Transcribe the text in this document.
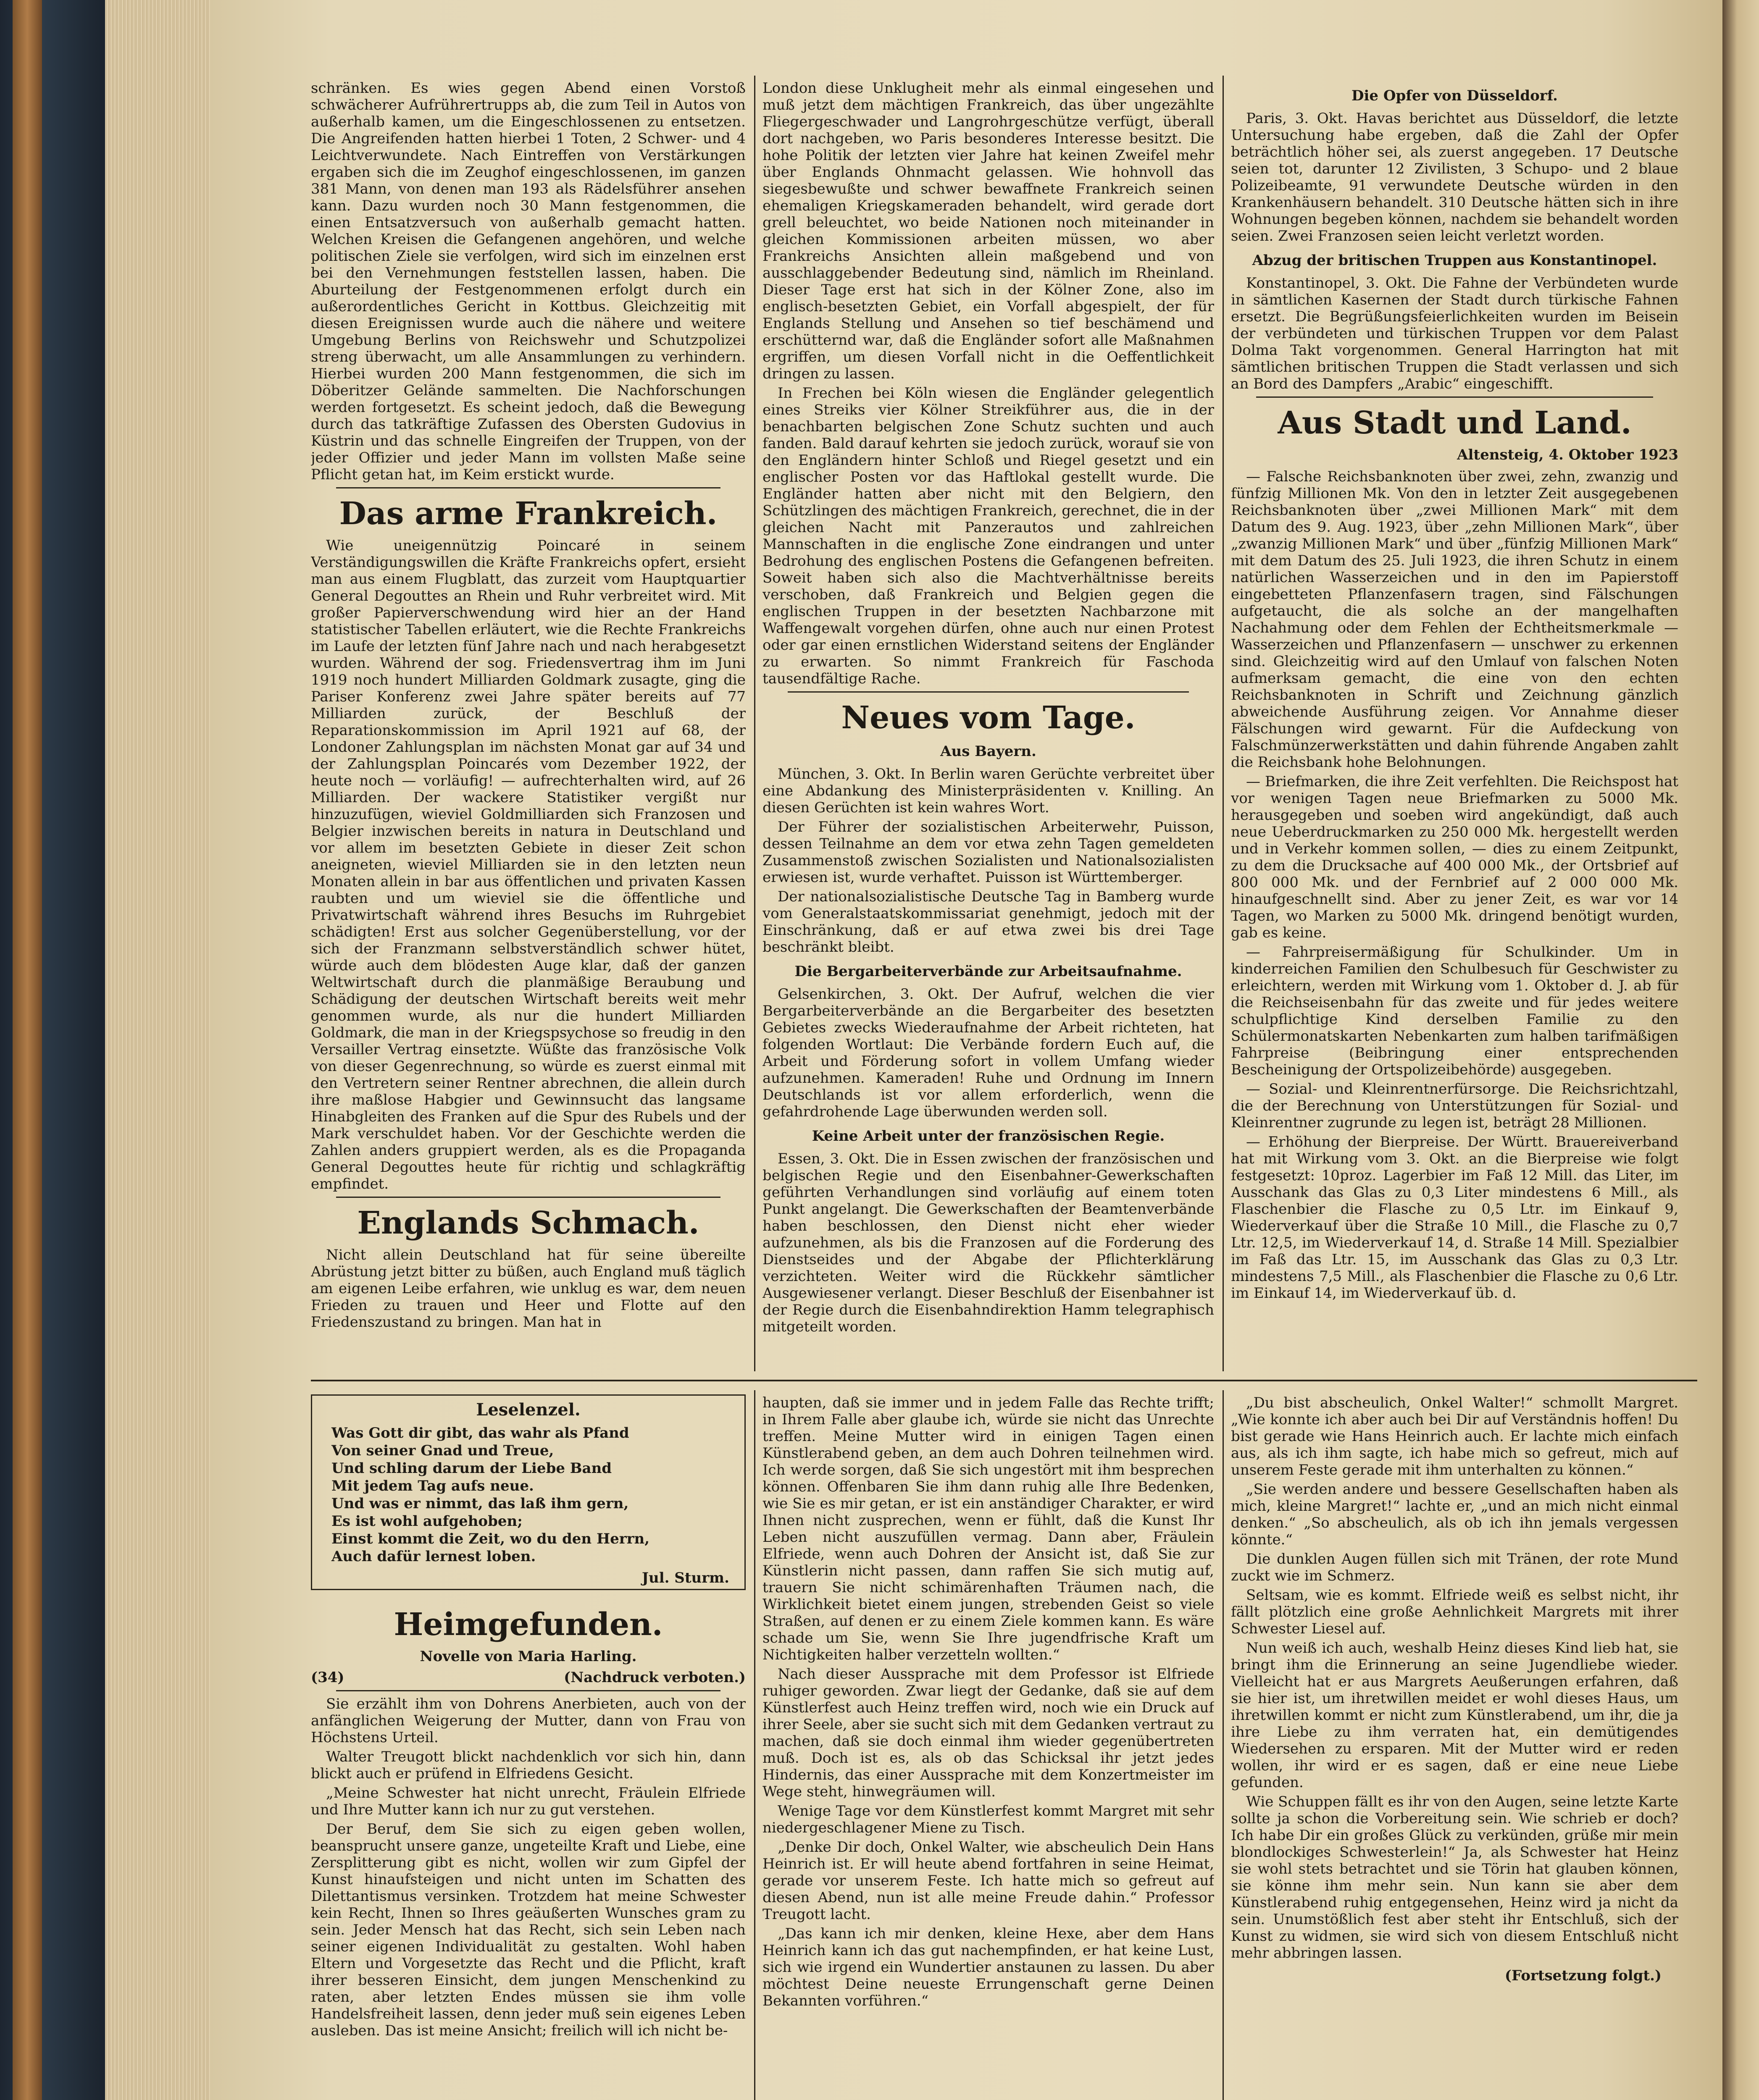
schränken. Es wies gegen Abend einen Vorstoß schwächerer Aufrührertrupps ab, die zum Teil in Autos von außerhalb kamen, um die Eingeschlossenen zu entsetzen. Die Angreifenden hatten hierbei 1 Toten, 2 Schwer- und 4 Leichtverwundete. Nach Eintreffen von Verstärkungen ergaben sich die im Zeughof eingeschlossenen, im ganzen 381 Mann, von denen man 193 als Rädelsführer ansehen kann. Dazu wurden noch 30 Mann festgenommen, die einen Entsatzversuch von außerhalb gemacht hatten. Welchen Kreisen die Gefangenen angehören, und welche politischen Ziele sie verfolgen, wird sich im einzelnen erst bei den Vernehmungen feststellen lassen, haben. Die Aburteilung der Festgenommenen erfolgt durch ein außerordentliches Gericht in Kottbus. Gleichzeitig mit diesen Ereignissen wurde auch die nähere und weitere Umgebung Berlins von Reichswehr und Schutzpolizei streng überwacht, um alle Ansammlungen zu verhindern. Hierbei wurden 200 Mann festgenommen, die sich im Döberitzer Gelände sammelten. Die Nachforschungen werden fortgesetzt. Es scheint jedoch, daß die Bewegung durch das tatkräftige Zufassen des Obersten Gudovius in Küstrin und das schnelle Eingreifen der Truppen, von der jeder Offizier und jeder Mann im vollsten Maße seine Pflicht getan hat, im Keim erstickt wurde.

Das arme Frankreich.

Wie uneigennützig Poincaré in seinem Verständigungswillen die Kräfte Frankreichs opfert, ersieht man aus einem Flugblatt, das zurzeit vom Hauptquartier General Degouttes an Rhein und Ruhr verbreitet wird. Mit großer Papierverschwendung wird hier an der Hand statistischer Tabellen erläutert, wie die Rechte Frankreichs im Laufe der letzten fünf Jahre nach und nach herabgesetzt wurden. Während der sog. Friedensvertrag ihm im Juni 1919 noch hundert Milliarden Goldmark zusagte, ging die Pariser Konferenz zwei Jahre später bereits auf 77 Milliarden zurück, der Beschluß der Reparationskommission im April 1921 auf 68, der Londoner Zahlungsplan im nächsten Monat gar auf 34 und der Zahlungsplan Poincarés vom Dezember 1922, der heute noch — vorläufig! — aufrechterhalten wird, auf 26 Milliarden. Der wackere Statistiker vergißt nur hinzuzufügen, wieviel Goldmilliarden sich Franzosen und Belgier inzwischen bereits in natura in Deutschland und vor allem im besetzten Gebiete in dieser Zeit schon aneigneten, wieviel Milliarden sie in den letzten neun Monaten allein in bar aus öffentlichen und privaten Kassen raubten und um wieviel sie die öffentliche und Privatwirtschaft während ihres Besuchs im Ruhrgebiet schädigten! Erst aus solcher Gegenüberstellung, vor der sich der Franzmann selbstverständlich schwer hütet, würde auch dem blödesten Auge klar, daß der ganzen Weltwirtschaft durch die planmäßige Beraubung und Schädigung der deutschen Wirtschaft bereits weit mehr genommen wurde, als nur die hundert Milliarden Goldmark, die man in der Kriegspsychose so freudig in den Versailler Vertrag einsetzte. Wüßte das französische Volk von dieser Gegenrechnung, so würde es zuerst einmal mit den Vertretern seiner Rentner abrechnen, die allein durch ihre maßlose Habgier und Gewinnsucht das langsame Hinabgleiten des Franken auf die Spur des Rubels und der Mark verschuldet haben. Vor der Geschichte werden die Zahlen anders gruppiert werden, als es die Propaganda General Degouttes heute für richtig und schlagkräftig empfindet.

Englands Schmach.

Nicht allein Deutschland hat für seine übereilte Abrüstung jetzt bitter zu büßen, auch England muß täglich am eigenen Leibe erfahren, wie unklug es war, dem neuen Frieden zu trauen und Heer und Flotte auf den Friedenszustand zu bringen. Man hat in

London diese Unklugheit mehr als einmal eingesehen und muß jetzt dem mächtigen Frankreich, das über ungezählte Fliegergeschwader und Langrohrgeschütze verfügt, überall dort nachgeben, wo Paris besonderes Interesse besitzt. Die hohe Politik der letzten vier Jahre hat keinen Zweifel mehr über Englands Ohnmacht gelassen. Wie hohnvoll das siegesbewußte und schwer bewaffnete Frankreich seinen ehemaligen Kriegskameraden behandelt, wird gerade dort grell beleuchtet, wo beide Nationen noch miteinander in gleichen Kommissionen arbeiten müssen, wo aber Frankreichs Ansichten allein maßgebend und von ausschlaggebender Bedeutung sind, nämlich im Rheinland. Dieser Tage erst hat sich in der Kölner Zone, also im englisch-besetzten Gebiet, ein Vorfall abgespielt, der für Englands Stellung und Ansehen so tief beschämend und erschütternd war, daß die Engländer sofort alle Maßnahmen ergriffen, um diesen Vorfall nicht in die Oeffentlichkeit dringen zu lassen.

In Frechen bei Köln wiesen die Engländer gelegentlich eines Streiks vier Kölner Streikführer aus, die in der benachbarten belgischen Zone Schutz suchten und auch fanden. Bald darauf kehrten sie jedoch zurück, worauf sie von den Engländern hinter Schloß und Riegel gesetzt und ein englischer Posten vor das Haftlokal gestellt wurde. Die Engländer hatten aber nicht mit den Belgiern, den Schützlingen des mächtigen Frankreich, gerechnet, die in der gleichen Nacht mit Panzerautos und zahlreichen Mannschaften in die englische Zone eindrangen und unter Bedrohung des englischen Postens die Gefangenen befreiten. Soweit haben sich also die Machtverhältnisse bereits verschoben, daß Frankreich und Belgien gegen die englischen Truppen in der besetzten Nachbarzone mit Waffengewalt vorgehen dürfen, ohne auch nur einen Protest oder gar einen ernstlichen Widerstand seitens der Engländer zu erwarten. So nimmt Frankreich für Faschoda tausendfältige Rache.

Neues vom Tage.
Aus Bayern.

München, 3. Okt. In Berlin waren Gerüchte verbreitet über eine Abdankung des Ministerpräsidenten v. Knilling. An diesen Gerüchten ist kein wahres Wort.

Der Führer der sozialistischen Arbeiterwehr, Puisson, dessen Teilnahme an dem vor etwa zehn Tagen gemeldeten Zusammenstoß zwischen Sozialisten und Nationalsozialisten erwiesen ist, wurde verhaftet. Puisson ist Württemberger.

Der nationalsozialistische Deutsche Tag in Bamberg wurde vom Generalstaatskommissariat genehmigt, jedoch mit der Einschränkung, daß er auf etwa zwei bis drei Tage beschränkt bleibt.

Die Bergarbeiterverbände zur Arbeitsaufnahme.

Gelsenkirchen, 3. Okt. Der Aufruf, welchen die vier Bergarbeiterverbände an die Bergarbeiter des besetzten Gebietes zwecks Wiederaufnahme der Arbeit richteten, hat folgenden Wortlaut: Die Verbände fordern Euch auf, die Arbeit und Förderung sofort in vollem Umfang wieder aufzunehmen. Kameraden! Ruhe und Ordnung im Innern Deutschlands ist vor allem erforderlich, wenn die gefahrdrohende Lage überwunden werden soll.

Keine Arbeit unter der französischen Regie.

Essen, 3. Okt. Die in Essen zwischen der französischen und belgischen Regie und den Eisenbahner-Gewerkschaften geführten Verhandlungen sind vorläufig auf einem toten Punkt angelangt. Die Gewerkschaften der Beamtenverbände haben beschlossen, den Dienst nicht eher wieder aufzunehmen, als bis die Franzosen auf die Forderung des Dienstseides und der Abgabe der Pflichterklärung verzichteten. Weiter wird die Rückkehr sämtlicher Ausgewiesener verlangt. Dieser Beschluß der Eisenbahner ist der Regie durch die Eisenbahndirektion Hamm telegraphisch mitgeteilt worden.

Die Opfer von Düsseldorf.

Paris, 3. Okt. Havas berichtet aus Düsseldorf, die letzte Untersuchung habe ergeben, daß die Zahl der Opfer beträchtlich höher sei, als zuerst angegeben. 17 Deutsche seien tot, darunter 12 Zivilisten, 3 Schupo- und 2 blaue Polizeibeamte, 91 verwundete Deutsche würden in den Krankenhäusern behandelt. 310 Deutsche hätten sich in ihre Wohnungen begeben können, nachdem sie behandelt worden seien. Zwei Franzosen seien leicht verletzt worden.

Abzug der britischen Truppen aus Konstantinopel.

Konstantinopel, 3. Okt. Die Fahne der Verbündeten wurde in sämtlichen Kasernen der Stadt durch türkische Fahnen ersetzt. Die Begrüßungsfeierlichkeiten wurden im Beisein der verbündeten und türkischen Truppen vor dem Palast Dolma Takt vorgenommen. General Harrington hat mit sämtlichen britischen Truppen die Stadt verlassen und sich an Bord des Dampfers „Arabic“ eingeschifft.

Aus Stadt und Land.
Altensteig, 4. Oktober 1923

— Falsche Reichsbanknoten über zwei, zehn, zwanzig und fünfzig Millionen Mk. Von den in letzter Zeit ausgegebenen Reichsbanknoten über „zwei Millionen Mark“ mit dem Datum des 9. Aug. 1923, über „zehn Millionen Mark“, über „zwanzig Millionen Mark“ und über „fünfzig Millionen Mark“ mit dem Datum des 25. Juli 1923, die ihren Schutz in einem natürlichen Wasserzeichen und in den im Papierstoff eingebetteten Pflanzenfasern tragen, sind Fälschungen aufgetaucht, die als solche an der mangelhaften Nachahmung oder dem Fehlen der Echtheitsmerkmale — Wasserzeichen und Pflanzenfasern — unschwer zu erkennen sind. Gleichzeitig wird auf den Umlauf von falschen Noten aufmerksam gemacht, die eine von den echten Reichsbanknoten in Schrift und Zeichnung gänzlich abweichende Ausführung zeigen. Vor Annahme dieser Fälschungen wird gewarnt. Für die Aufdeckung von Falschmünzerwerkstätten und dahin führende Angaben zahlt die Reichsbank hohe Belohnungen.

— Briefmarken, die ihre Zeit verfehlten. Die Reichspost hat vor wenigen Tagen neue Briefmarken zu 5000 Mk. herausgegeben und soeben wird angekündigt, daß auch neue Ueberdruckmarken zu 250 000 Mk. hergestellt werden und in Verkehr kommen sollen, — dies zu einem Zeitpunkt, zu dem die Drucksache auf 400 000 Mk., der Ortsbrief auf 800 000 Mk. und der Fernbrief auf 2 000 000 Mk. hinaufgeschnellt sind. Aber zu jener Zeit, es war vor 14 Tagen, wo Marken zu 5000 Mk. dringend benötigt wurden, gab es keine.

— Fahrpreisermäßigung für Schulkinder. Um in kinderreichen Familien den Schulbesuch für Geschwister zu erleichtern, werden mit Wirkung vom 1. Oktober d. J. ab für die Reichseisenbahn für das zweite und für jedes weitere schulpflichtige Kind derselben Familie zu den Schülermonatskarten Nebenkarten zum halben tarifmäßigen Fahrpreise (Beibringung einer entsprechenden Bescheinigung der Ortspolizeibehörde) ausgegeben.

— Sozial- und Kleinrentnerfürsorge. Die Reichsrichtzahl, die der Berechnung von Unterstützungen für Sozial- und Kleinrentner zugrunde zu legen ist, beträgt 28 Millionen.

— Erhöhung der Bierpreise. Der Württ. Brauereiverband hat mit Wirkung vom 3. Okt. an die Bierpreise wie folgt festgesetzt: 10proz. Lagerbier im Faß 12 Mill. das Liter, im Ausschank das Glas zu 0,3 Liter mindestens 6 Mill., als Flaschenbier die Flasche zu 0,5 Ltr. im Einkauf 9, Wiederverkauf über die Straße 10 Mill., die Flasche zu 0,7 Ltr. 12,5, im Wiederverkauf 14, d. Straße 14 Mill. Spezialbier im Faß das Ltr. 15, im Ausschank das Glas zu 0,3 Ltr. mindestens 7,5 Mill., als Flaschenbier die Flasche zu 0,6 Ltr. im Einkauf 14, im Wiederverkauf üb. d.

Leselenzel.
Was Gott dir gibt, das wahr als Pfand
Von seiner Gnad und Treue,
Und schling darum der Liebe Band
Mit jedem Tag aufs neue.
Und was er nimmt, das laß ihm gern,
Es ist wohl aufgehoben;
Einst kommt die Zeit, wo du den Herrn,
Auch dafür lernest loben.
Jul. Sturm.
Heimgefunden.
Novelle von Maria Harling.
(34)	(Nachdruck verboten.)

Sie erzählt ihm von Dohrens Anerbieten, auch von der anfänglichen Weigerung der Mutter, dann von Frau von Höchstens Urteil.

Walter Treugott blickt nachdenklich vor sich hin, dann blickt auch er prüfend in Elfriedens Gesicht.

„Meine Schwester hat nicht unrecht, Fräulein Elfriede und Ihre Mutter kann ich nur zu gut verstehen.

Der Beruf, dem Sie sich zu eigen geben wollen, beansprucht unsere ganze, ungeteilte Kraft und Liebe, eine Zersplitterung gibt es nicht, wollen wir zum Gipfel der Kunst hinaufsteigen und nicht unten im Schatten des Dilettantismus versinken. Trotzdem hat meine Schwester kein Recht, Ihnen so Ihres geäußerten Wunsches gram zu sein. Jeder Mensch hat das Recht, sich sein Leben nach seiner eigenen Individualität zu gestalten. Wohl haben Eltern und Vorgesetzte das Recht und die Pflicht, kraft ihrer besseren Einsicht, dem jungen Menschenkind zu raten, aber letzten Endes müssen sie ihm volle Handelsfreiheit lassen, denn jeder muß sein eigenes Leben ausleben. Das ist meine Ansicht; freilich will ich nicht be-

haupten, daß sie immer und in jedem Falle das Rechte trifft; in Ihrem Falle aber glaube ich, würde sie nicht das Unrechte treffen. Meine Mutter wird in einigen Tagen einen Künstlerabend geben, an dem auch Dohren teilnehmen wird. Ich werde sorgen, daß Sie sich ungestört mit ihm besprechen können. Offenbaren Sie ihm dann ruhig alle Ihre Bedenken, wie Sie es mir getan, er ist ein anständiger Charakter, er wird Ihnen nicht zusprechen, wenn er fühlt, daß die Kunst Ihr Leben nicht auszufüllen vermag. Dann aber, Fräulein Elfriede, wenn auch Dohren der Ansicht ist, daß Sie zur Künstlerin nicht passen, dann raffen Sie sich mutig auf, trauern Sie nicht schimärenhaften Träumen nach, die Wirklichkeit bietet einem jungen, strebenden Geist so viele Straßen, auf denen er zu einem Ziele kommen kann. Es wäre schade um Sie, wenn Sie Ihre jugendfrische Kraft um Nichtigkeiten halber verzetteln wollten.“

Nach dieser Aussprache mit dem Professor ist Elfriede ruhiger geworden. Zwar liegt der Gedanke, daß sie auf dem Künstlerfest auch Heinz treffen wird, noch wie ein Druck auf ihrer Seele, aber sie sucht sich mit dem Gedanken vertraut zu machen, daß sie doch einmal ihm wieder gegenübertreten muß. Doch ist es, als ob das Schicksal ihr jetzt jedes Hindernis, das einer Aussprache mit dem Konzertmeister im Wege steht, hinwegräumen will.

Wenige Tage vor dem Künstlerfest kommt Margret mit sehr niedergeschlagener Miene zu Tisch.

„Denke Dir doch, Onkel Walter, wie abscheulich Dein Hans Heinrich ist. Er will heute abend fortfahren in seine Heimat, gerade vor unserem Feste. Ich hatte mich so gefreut auf diesen Abend, nun ist alle meine Freude dahin.“ Professor Treugott lacht.

„Das kann ich mir denken, kleine Hexe, aber dem Hans Heinrich kann ich das gut nachempfinden, er hat keine Lust, sich wie irgend ein Wundertier anstaunen zu lassen. Du aber möchtest Deine neueste Errungenschaft gerne Deinen Bekannten vorführen.“

„Du bist abscheulich, Onkel Walter!“ schmollt Margret. „Wie konnte ich aber auch bei Dir auf Verständnis hoffen! Du bist gerade wie Hans Heinrich auch. Er lachte mich einfach aus, als ich ihm sagte, ich habe mich so gefreut, mich auf unserem Feste gerade mit ihm unterhalten zu können.“

„Sie werden andere und bessere Gesellschaften haben als mich, kleine Margret!“ lachte er, „und an mich nicht einmal denken.“ „So abscheulich, als ob ich ihn jemals vergessen könnte.“

Die dunklen Augen füllen sich mit Tränen, der rote Mund zuckt wie im Schmerz.

Seltsam, wie es kommt. Elfriede weiß es selbst nicht, ihr fällt plötzlich eine große Aehnlichkeit Margrets mit ihrer Schwester Liesel auf.

Nun weiß ich auch, weshalb Heinz dieses Kind lieb hat, sie bringt ihm die Erinnerung an seine Jugendliebe wieder. Vielleicht hat er aus Margrets Aeußerungen erfahren, daß sie hier ist, um ihretwillen meidet er wohl dieses Haus, um ihretwillen kommt er nicht zum Künstlerabend, um ihr, die ja ihre Liebe zu ihm verraten hat, ein demütigendes Wiedersehen zu ersparen. Mit der Mutter wird er reden wollen, ihr wird er es sagen, daß er eine neue Liebe gefunden.

Wie Schuppen fällt es ihr von den Augen, seine letzte Karte sollte ja schon die Vorbereitung sein. Wie schrieb er doch? Ich habe Dir ein großes Glück zu verkünden, grüße mir mein blondlockiges Schwesterlein!“ Ja, als Schwester hat Heinz sie wohl stets betrachtet und sie Törin hat glauben können, sie könne ihm mehr sein. Nun kann sie aber dem Künstlerabend ruhig entgegensehen, Heinz wird ja nicht da sein. Unumstößlich fest aber steht ihr Entschluß, sich der Kunst zu widmen, sie wird sich von diesem Entschluß nicht mehr abbringen lassen.

(Fortsetzung folgt.)
